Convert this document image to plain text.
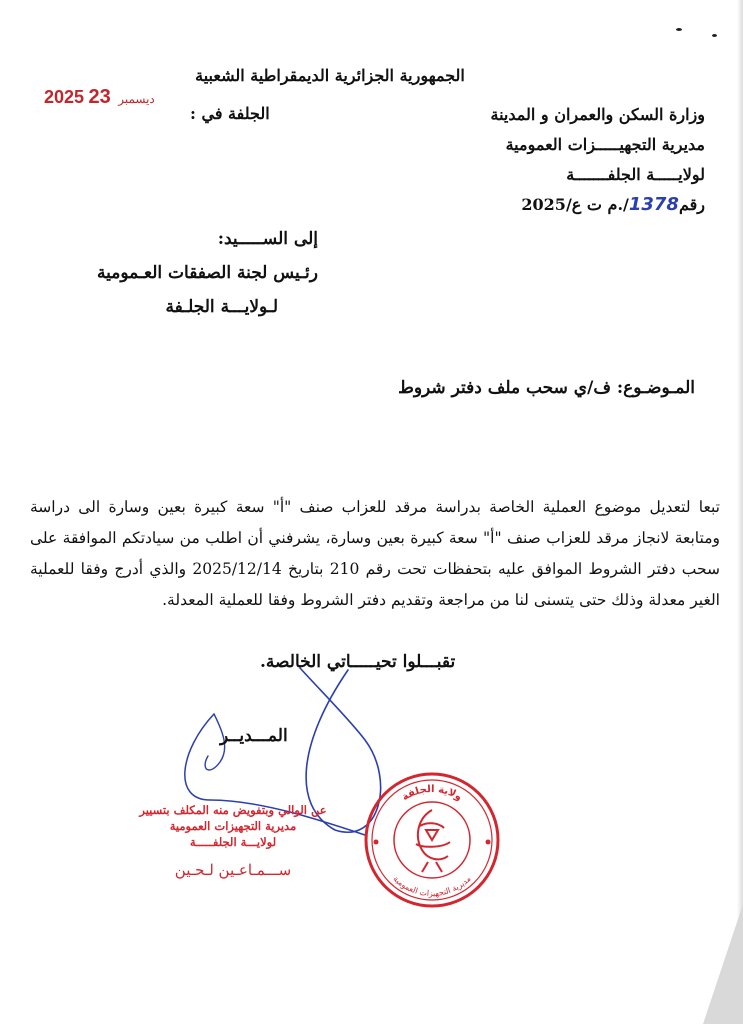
الجمهورية الجزائرية الديمقراطية الشعبية
2025	ديسمبر 23
الجلفة في :	وزارة السكن والعمران و المدينة
مديرية التجهيـــــزات العمومية
لولايـــــة الجلفـــــــة
رقم1378/.م ت ع/2025
إلى الســـــيد:
رئـيس لجنة الصفقات العـمومية
لـولايـــة الجلـفة
المـوضـوع: ف/ي سحب ملف دفتر شروط
تبعا لتعديل موضوع العملية الخاصة بدراسة مرقد للعزاب صنف "أ" سعة كبيرة بعين وسارة الى دراسة ومتابعة لانجاز مرقد للعزاب صنف "أ" سعة كبيرة بعين وسارة، يشرفني أن اطلب من سيادتكم الموافقة على سحب دفتر الشروط الموافق عليه بتحفظات تحت رقم 210 بتاريخ 2025/12/14 والذي أدرج وفقا للعملية الغير معدلة وذلك حتى يتسنى لنا من مراجعة وتقديم دفتر الشروط وفقا للعملية المعدلة.
تقبـــلوا تحيـــــاتي الخالصة.
المـــديــر
عن الوالي وبتفويض منه المكلف بتسيير
مديرية التجهيزات العمومية
لولايـــة الجلفـــــة
ســـمـاعـين لـحـين
ولاية الجلفة
مديرية التجهيزات العمومية
